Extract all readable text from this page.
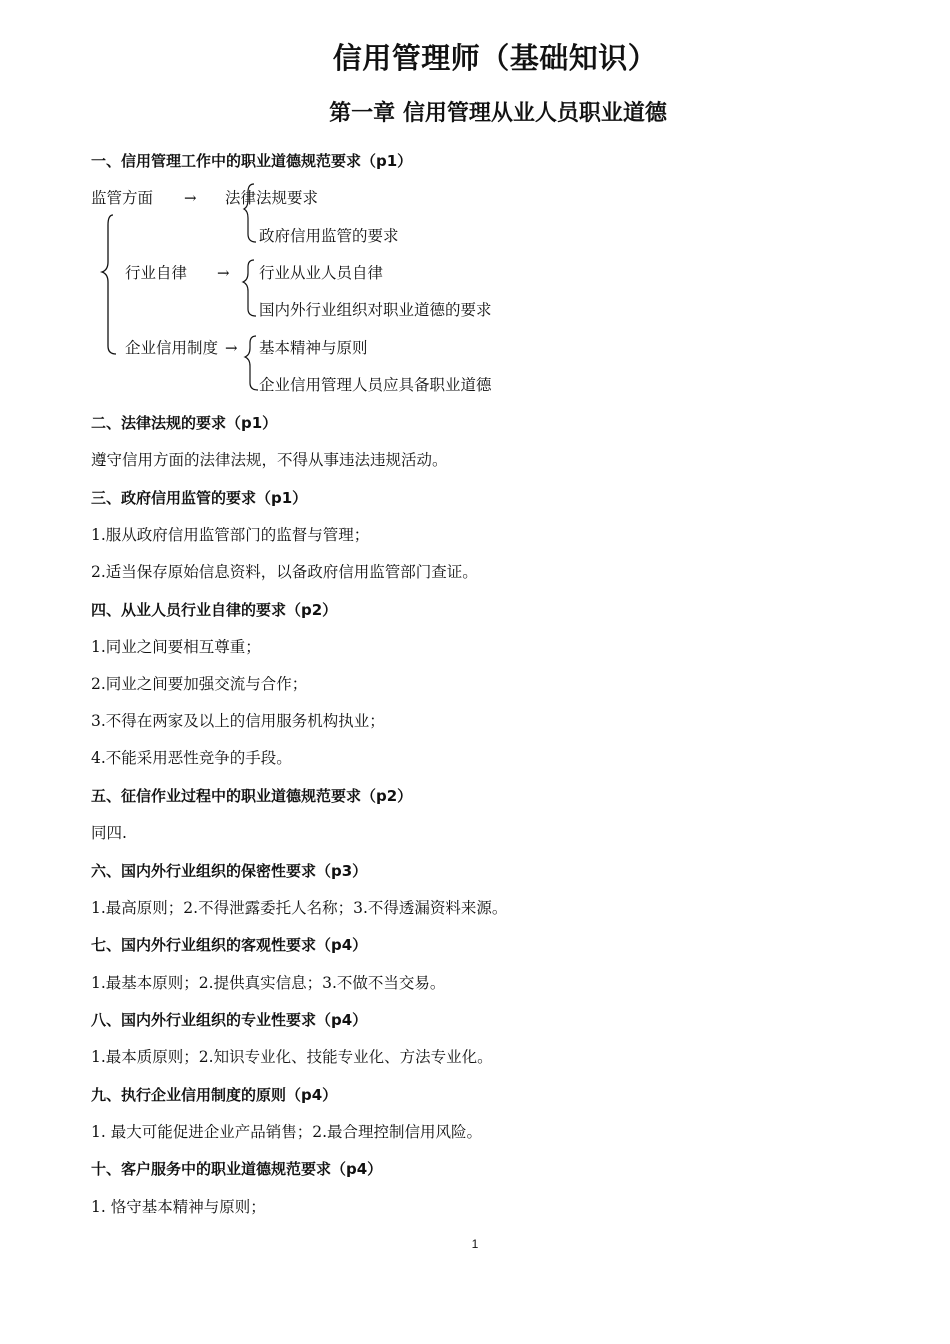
信用管理师（基础知识）
第一章 信用管理从业人员职业道德
一、信用管理工作中的职业道德规范要求（p1）
监管方面 → 法律法规要求
政府信用监管的要求
行业自律 → 行业从业人员自律
国内外行业组织对职业道德的要求
企业信用制度 → 基本精神与原则
企业信用管理人员应具备职业道德
二、法律法规的要求（p1）
遵守信用方面的法律法规，不得从事违法违规活动。
三、政府信用监管的要求（p1）
1.服从政府信用监管部门的监督与管理；
2.适当保存原始信息资料，以备政府信用监管部门查证。
四、从业人员行业自律的要求（p2）
1.同业之间要相互尊重；
2.同业之间要加强交流与合作；
3.不得在两家及以上的信用服务机构执业；
4.不能采用恶性竞争的手段。
五、征信作业过程中的职业道德规范要求（p2）
同四.
六、国内外行业组织的保密性要求（p3）
1.最高原则；2.不得泄露委托人名称；3.不得透漏资料来源。
七、国内外行业组织的客观性要求（p4）
1.最基本原则；2.提供真实信息；3.不做不当交易。
八、国内外行业组织的专业性要求（p4）
1.最本质原则；2.知识专业化、技能专业化、方法专业化。
九、执行企业信用制度的原则（p4）
1. 最大可能促进企业产品销售；2.最合理控制信用风险。
十、客户服务中的职业道德规范要求（p4）
1. 恪守基本精神与原则；
1
